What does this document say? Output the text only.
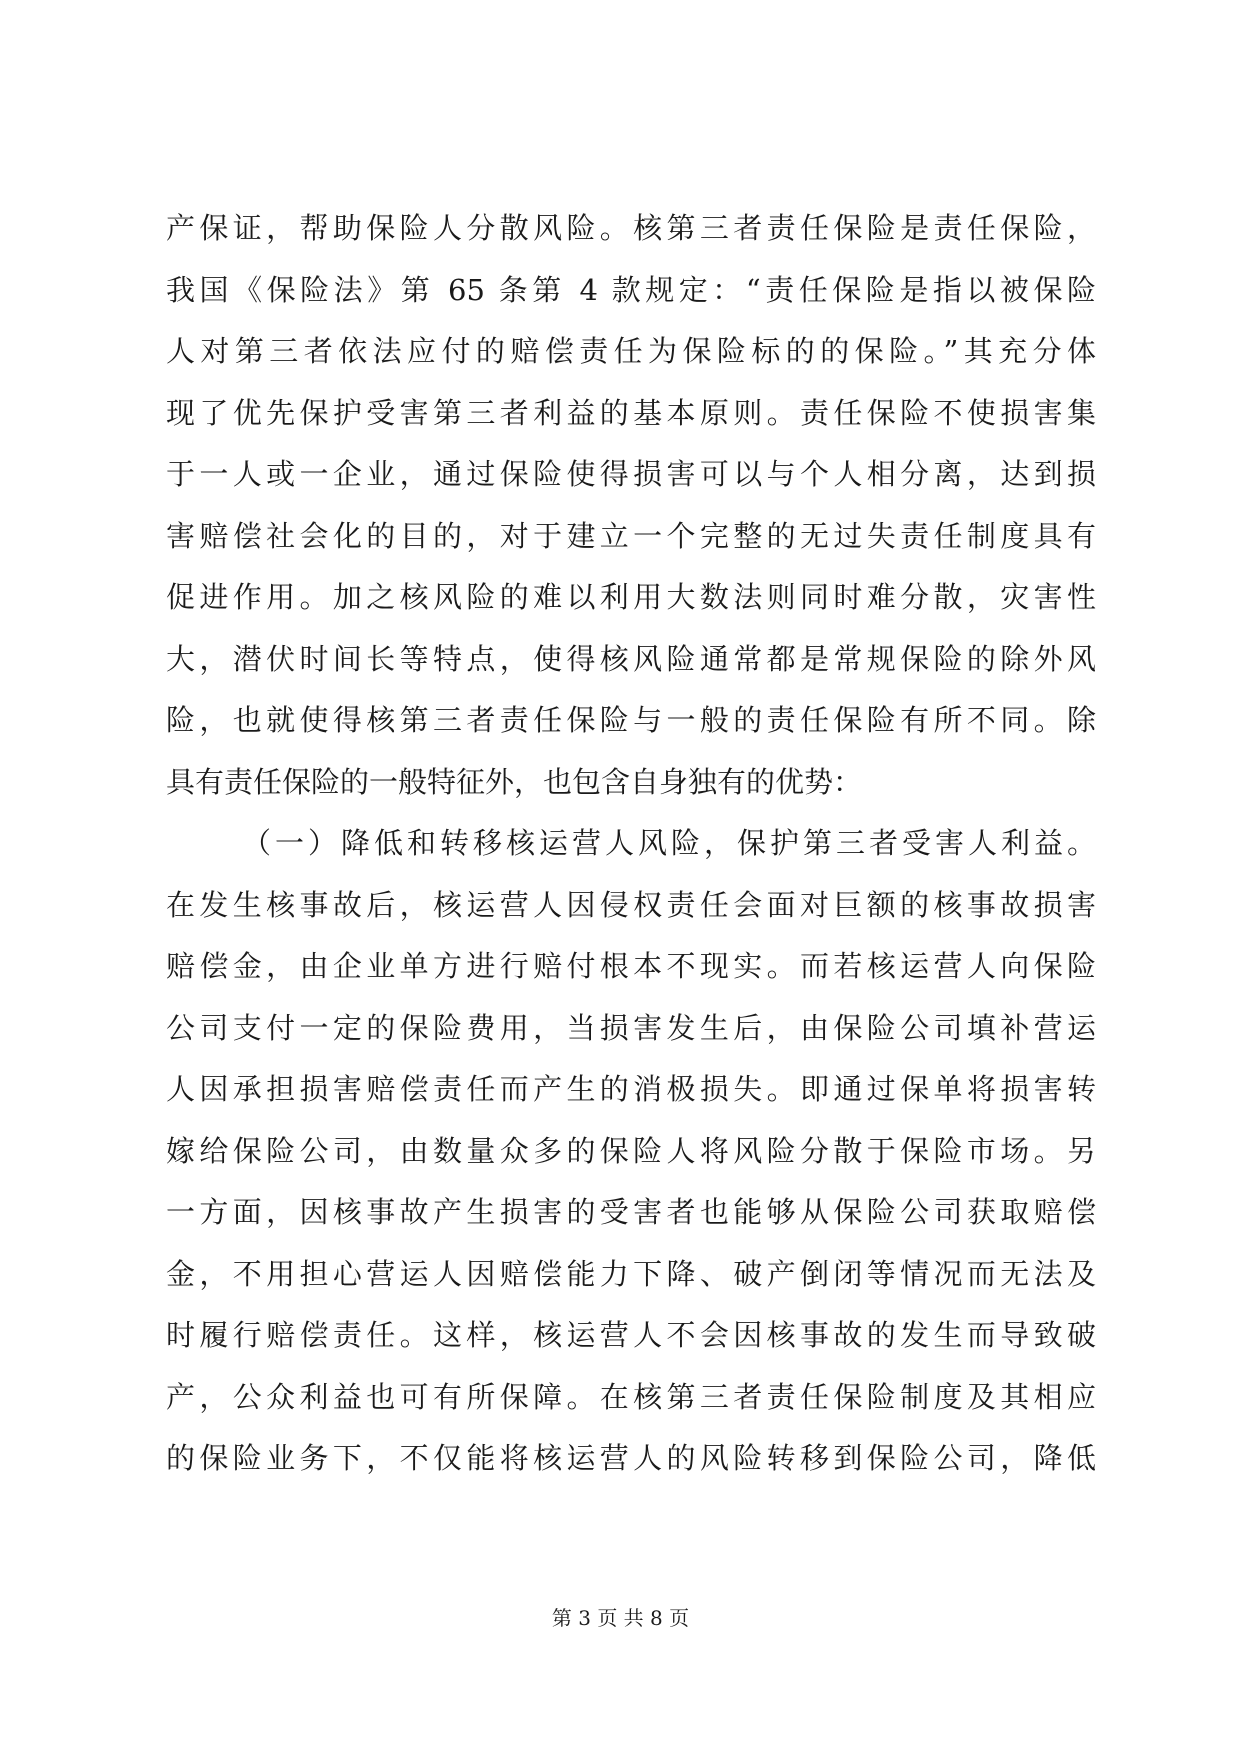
产保证，帮助保险人分散风险。核第三者责任保险是责任保险，
我国《保险法》第 65 条第 4 款规定：“责任保险是指以被保险
人对第三者依法应付的赔偿责任为保险标的的保险。”其充分体
现了优先保护受害第三者利益的基本原则。责任保险不使损害集
于一人或一企业，通过保险使得损害可以与个人相分离，达到损
害赔偿社会化的目的，对于建立一个完整的无过失责任制度具有
促进作用。加之核风险的难以利用大数法则同时难分散，灾害性
大，潜伏时间长等特点，使得核风险通常都是常规保险的除外风
险，也就使得核第三者责任保险与一般的责任保险有所不同。除
具有责任保险的一般特征外，也包含自身独有的优势：
（一）降低和转移核运营人风险，保护第三者受害人利益。
在发生核事故后，核运营人因侵权责任会面对巨额的核事故损害
赔偿金，由企业单方进行赔付根本不现实。而若核运营人向保险
公司支付一定的保险费用，当损害发生后，由保险公司填补营运
人因承担损害赔偿责任而产生的消极损失。即通过保单将损害转
嫁给保险公司，由数量众多的保险人将风险分散于保险市场。另
一方面，因核事故产生损害的受害者也能够从保险公司获取赔偿
金，不用担心营运人因赔偿能力下降、破产倒闭等情况而无法及
时履行赔偿责任。这样，核运营人不会因核事故的发生而导致破
产，公众利益也可有所保障。在核第三者责任保险制度及其相应
的保险业务下，不仅能将核运营人的风险转移到保险公司，降低
第 3 页 共 8 页
